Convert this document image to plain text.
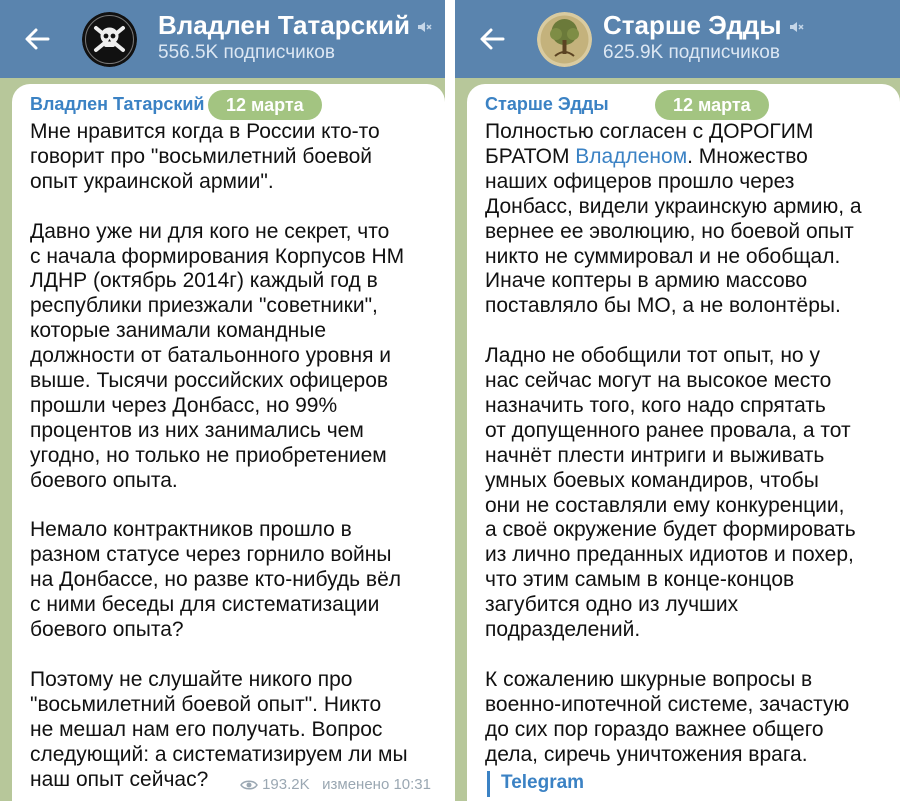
Владлен Татарский
556.5K подписчиков
Владлен Татарский	12 марта

Мне нравится когда в России кто-то

говорит про "восьмилетний боевой

опыт украинской армии".

Давно уже ни для кого не секрет, что

с начала формирования Корпусов НМ

ЛДНР (октябрь 2014г) каждый год в

республики приезжали "советники",

которые занимали командные

должности от батальонного уровня и

выше. Тысячи российских офицеров

прошли через Донбасс, но 99%

процентов из них занимались чем

угодно, но только не приобретением

боевого опыта.

Немало контрактников прошло в

разном статусе через горнило войны

на Донбассе, но разве кто-нибудь вёл

с ними беседы для систематизации

боевого опыта?

Поэтому не слушайте никого про

"восьмилетний боевой опыт". Никто

не мешал нам его получать. Вопрос

следующий: а систематизируем ли мы

наш опыт сейчас?	193.2K изменено 10:31
Старше Эдды
625.9K подписчиков
Старше Эдды	12 марта

Полностью согласен с ДОРОГИМ

БРАТОМ Владленом. Множество

наших офицеров прошло через

Донбасс, видели украинскую армию, а

вернее ее эволюцию, но боевой опыт

никто не суммировал и не обобщал.

Иначе коптеры в армию массово

поставляло бы МО, а не волонтёры.

Ладно не обобщили тот опыт, но у

нас сейчас могут на высокое место

назначить того, кого надо спрятать

от допущенного ранее провала, а тот

начнёт плести интриги и выживать

умных боевых командиров, чтобы

они не составляли ему конкуренции,

а своё окружение будет формировать

из лично преданных идиотов и похер,

что этим самым в конце-концов

загубится одно из лучших

подразделений.

К сожалению шкурные вопросы в

военно-ипотечной системе, зачастую

до сих пор гораздо важнее общего

дела, сиречь уничтожения врага.

Telegram
